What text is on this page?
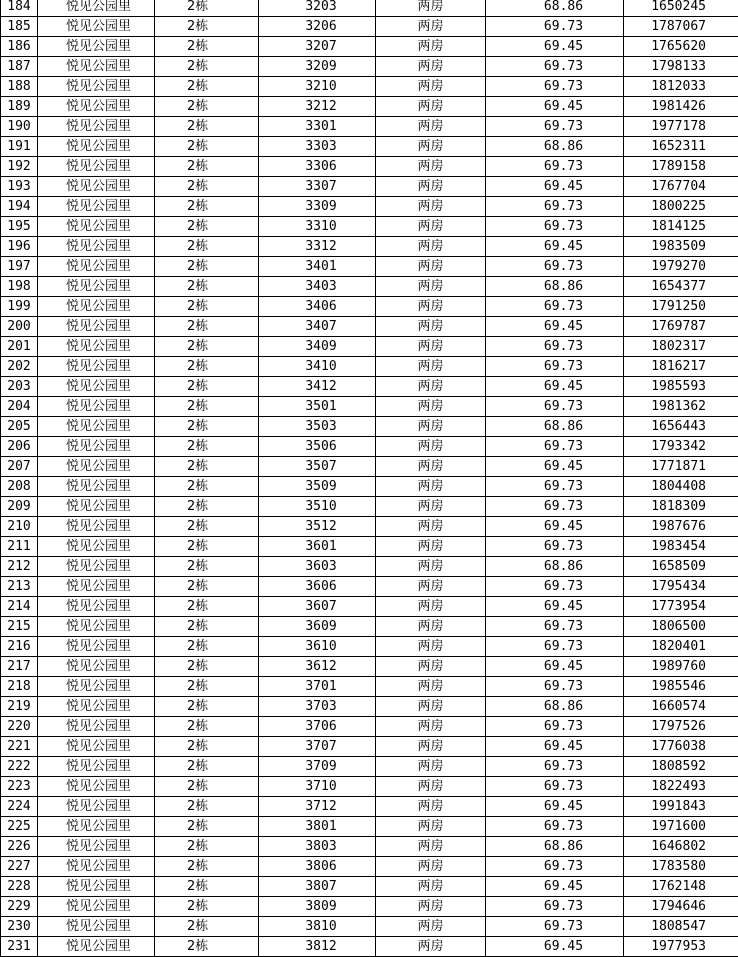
184	悦见公园里	2栋	3203	两房	68.86	1650245
185	悦见公园里	2栋	3206	两房	69.73	1787067
186	悦见公园里	2栋	3207	两房	69.45	1765620
187	悦见公园里	2栋	3209	两房	69.73	1798133
188	悦见公园里	2栋	3210	两房	69.73	1812033
189	悦见公园里	2栋	3212	两房	69.45	1981426
190	悦见公园里	2栋	3301	两房	69.73	1977178
191	悦见公园里	2栋	3303	两房	68.86	1652311
192	悦见公园里	2栋	3306	两房	69.73	1789158
193	悦见公园里	2栋	3307	两房	69.45	1767704
194	悦见公园里	2栋	3309	两房	69.73	1800225
195	悦见公园里	2栋	3310	两房	69.73	1814125
196	悦见公园里	2栋	3312	两房	69.45	1983509
197	悦见公园里	2栋	3401	两房	69.73	1979270
198	悦见公园里	2栋	3403	两房	68.86	1654377
199	悦见公园里	2栋	3406	两房	69.73	1791250
200	悦见公园里	2栋	3407	两房	69.45	1769787
201	悦见公园里	2栋	3409	两房	69.73	1802317
202	悦见公园里	2栋	3410	两房	69.73	1816217
203	悦见公园里	2栋	3412	两房	69.45	1985593
204	悦见公园里	2栋	3501	两房	69.73	1981362
205	悦见公园里	2栋	3503	两房	68.86	1656443
206	悦见公园里	2栋	3506	两房	69.73	1793342
207	悦见公园里	2栋	3507	两房	69.45	1771871
208	悦见公园里	2栋	3509	两房	69.73	1804408
209	悦见公园里	2栋	3510	两房	69.73	1818309
210	悦见公园里	2栋	3512	两房	69.45	1987676
211	悦见公园里	2栋	3601	两房	69.73	1983454
212	悦见公园里	2栋	3603	两房	68.86	1658509
213	悦见公园里	2栋	3606	两房	69.73	1795434
214	悦见公园里	2栋	3607	两房	69.45	1773954
215	悦见公园里	2栋	3609	两房	69.73	1806500
216	悦见公园里	2栋	3610	两房	69.73	1820401
217	悦见公园里	2栋	3612	两房	69.45	1989760
218	悦见公园里	2栋	3701	两房	69.73	1985546
219	悦见公园里	2栋	3703	两房	68.86	1660574
220	悦见公园里	2栋	3706	两房	69.73	1797526
221	悦见公园里	2栋	3707	两房	69.45	1776038
222	悦见公园里	2栋	3709	两房	69.73	1808592
223	悦见公园里	2栋	3710	两房	69.73	1822493
224	悦见公园里	2栋	3712	两房	69.45	1991843
225	悦见公园里	2栋	3801	两房	69.73	1971600
226	悦见公园里	2栋	3803	两房	68.86	1646802
227	悦见公园里	2栋	3806	两房	69.73	1783580
228	悦见公园里	2栋	3807	两房	69.45	1762148
229	悦见公园里	2栋	3809	两房	69.73	1794646
230	悦见公园里	2栋	3810	两房	69.73	1808547
231	悦见公园里	2栋	3812	两房	69.45	1977953
